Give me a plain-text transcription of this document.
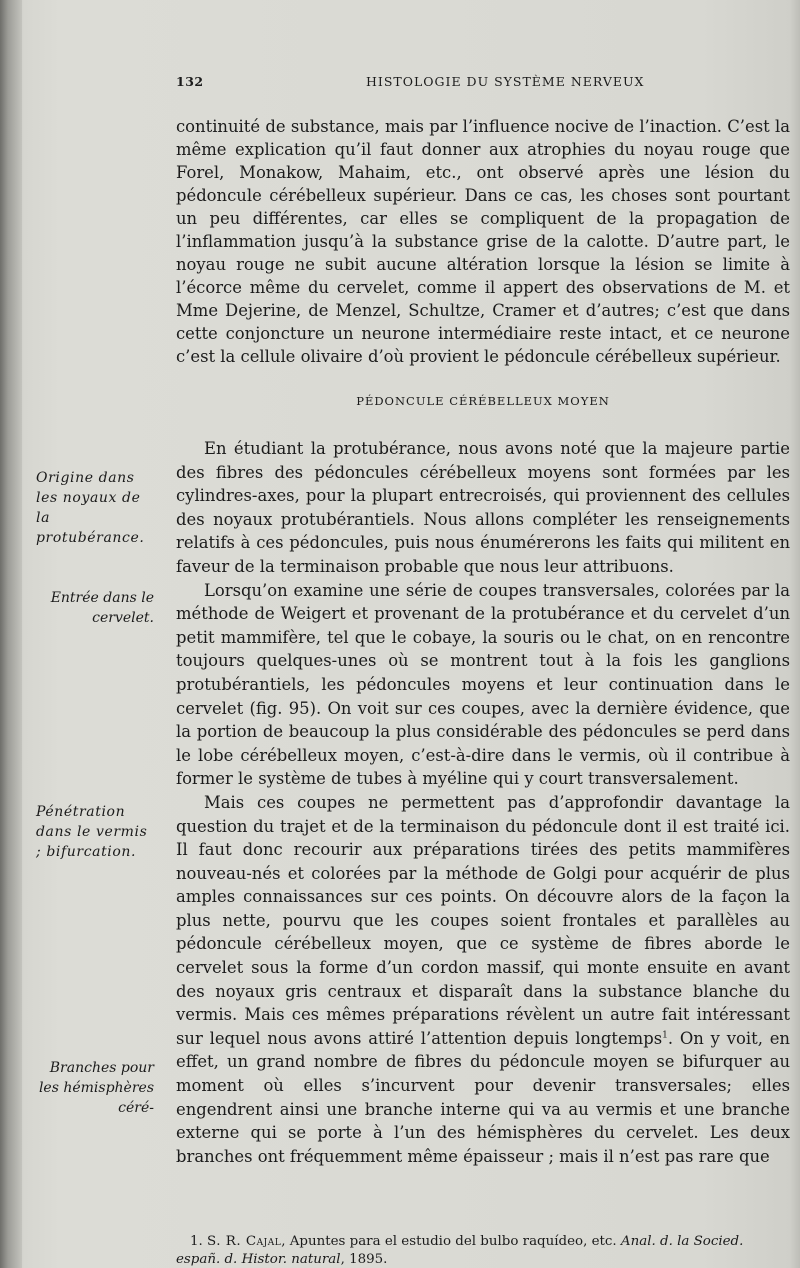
132	HISTOLOGIE DU SYSTÈME NERVEUX

continuité de substance, mais par l’influence nocive de l’inaction. C’est la même explication qu’il faut donner aux atrophies du noyau rouge que Forel, Monakow, Mahaim, etc., ont observé après une lésion du pédoncule cérébelleux supérieur. Dans ce cas, les choses sont pourtant un peu différentes, car elles se compliquent de la propagation de l’inflammation jusqu’à la substance grise de la calotte. D’autre part, le noyau rouge ne subit aucune altération lorsque la lésion se limite à l’écorce même du cervelet, comme il appert des observations de M. et Mme Dejerine, de Menzel, Schultze, Cramer et d’autres; c’est que dans cette conjoncture un neurone intermédiaire reste intact, et ce neurone c’est la cellule olivaire d’où provient le pédoncule cérébelleux supérieur.

PÉDONCULE CÉRÉBELLEUX MOYEN

En étudiant la protubérance, nous avons noté que la majeure partie des fibres des pédoncules cérébelleux moyens sont formées par les cylindres-axes, pour la plupart entrecroisés, qui proviennent des cellules des noyaux protubérantiels. Nous allons compléter les renseignements relatifs à ces pédoncules, puis nous énumérerons les faits qui militent en faveur de la terminaison probable que nous leur attribuons.

Lorsqu’on examine une série de coupes transversales, colorées par la méthode de Weigert et provenant de la protubérance et du cervelet d’un petit mammifère, tel que le cobaye, la souris ou le chat, on en rencontre toujours quelques-unes où se montrent tout à la fois les ganglions protubérantiels, les pédoncules moyens et leur continuation dans le cervelet (fig. 95). On voit sur ces coupes, avec la dernière évidence, que la portion de beaucoup la plus considérable des pédoncules se perd dans le lobe cérébelleux moyen, c’est-à-dire dans le vermis, où il contribue à former le système de tubes à myéline qui y court transversalement.

Mais ces coupes ne permettent pas d’approfondir davantage la question du trajet et de la terminaison du pédoncule dont il est traité ici. Il faut donc recourir aux préparations tirées des petits mammifères nouveau-nés et colorées par la méthode de Golgi pour acquérir de plus amples connaissances sur ces points. On découvre alors de la façon la plus nette, pourvu que les coupes soient frontales et parallèles au pédoncule cérébelleux moyen, que ce système de fibres aborde le cervelet sous la forme d’un cordon massif, qui monte ensuite en avant des noyaux gris centraux et disparaît dans la substance blanche du vermis. Mais ces mêmes préparations révèlent un autre fait intéressant sur lequel nous avons attiré l’attention depuis longtemps$^1$. On y voit, en effet, un grand nombre de fibres du pédoncule moyen se bifurquer au moment où elles s’incurvent pour devenir transversales; elles engendrent ainsi une branche interne qui va au vermis et une branche externe qui se porte à l’un des hémisphères du cervelet. Les deux branches ont fréquemment même épaisseur ; mais il n’est pas rare que

Origine dans les noyaux de la protubérance.
Entrée dans le cervelet.
Pénétration dans le vermis ; bifurcation.
Branches pour les hémisphères céré-
1. S. R. Cajal, Apuntes para el estudio del bulbo raquídeo, etc. Anal. d. la Socied. españ. d. Histor. natural, 1895.
